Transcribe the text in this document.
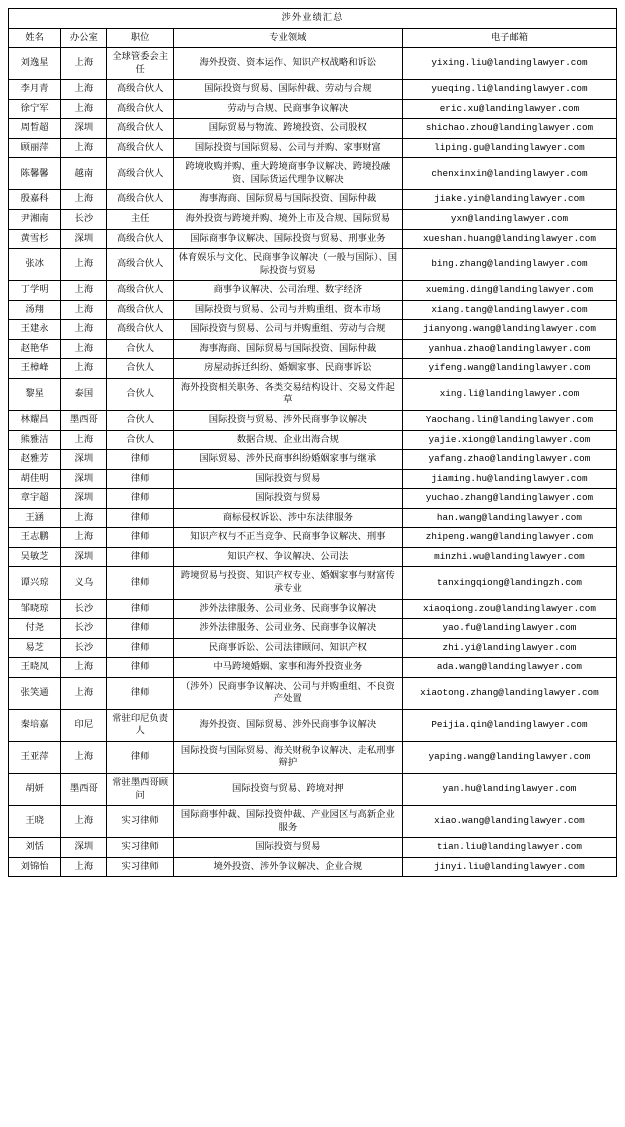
涉外业绩汇总				
姓名	办公室	职位	专业领域	电子邮箱
刘逸星	上海	全球管委会主任	海外投资、资本运作、知识产权战略和诉讼	yixing.liu@landinglawyer.com
李月青	上海	高级合伙人	国际投资与贸易、国际仲裁、劳动与合规	yueqing.li@landinglawyer.com
徐宁军	上海	高级合伙人	劳动与合规、民商事争议解决	eric.xu@landinglawyer.com
周晳超	深圳	高级合伙人	国际贸易与物流、跨境投资、公司股权	shichao.zhou@landinglawyer.com
顾丽萍	上海	高级合伙人	国际投资与国际贸易、公司与并购、家事财富	liping.gu@landinglawyer.com
陈馨馨	越南	高级合伙人	跨境收购并购、重大跨境商事争议解决、跨境投融资、国际货运代理争议解决	chenxinxin@landinglawyer.com
殷嘉科	上海	高级合伙人	海事海商、国际贸易与国际投资、国际仲裁	jiake.yin@landinglawyer.com
尹湘南	长沙	主任	海外投资与跨境并购、境外上市及合规、国际贸易	yxn@landinglawyer.com
黄雪杉	深圳	高级合伙人	国际商事争议解决、国际投资与贸易、刑事业务	xueshan.huang@landinglawyer.com
张冰	上海	高级合伙人	体育娱乐与文化、民商事争议解决（一般与国际）、国际投资与贸易	bing.zhang@landinglawyer.com
丁学明	上海	高级合伙人	商事争议解决、公司治理、数字经济	xueming.ding@landinglawyer.com
汤翔	上海	高级合伙人	国际投资与贸易、公司与并购重组、资本市场	xiang.tang@landinglawyer.com
王建永	上海	高级合伙人	国际投资与贸易、公司与并购重组、劳动与合规	jianyong.wang@landinglawyer.com
赵艳华	上海	合伙人	海事海商、国际贸易与国际投资、国际仲裁	yanhua.zhao@landinglawyer.com
王樟峰	上海	合伙人	房屋动拆迁纠纷、婚姻家事、民商事诉讼	yifeng.wang@landinglawyer.com
黎星	泰国	合伙人	海外投资相关职务、各类交易结构设计、交易文件起草	xing.li@landinglawyer.com
林耀昌	墨西哥	合伙人	国际投资与贸易、涉外民商事争议解决	Yaochang.lin@landinglawyer.com
熊雅洁	上海	合伙人	数据合规、企业出海合规	yajie.xiong@landinglawyer.com
赵雅芳	深圳	律师	国际贸易、涉外民商事纠纷婚姻家事与继承	yafang.zhao@landinglawyer.com
胡佳明	深圳	律师	国际投资与贸易	jiaming.hu@landinglawyer.com
章宇超	深圳	律师	国际投资与贸易	yuchao.zhang@landinglawyer.com
王涵	上海	律师	商标侵权诉讼、涉中东法律服务	han.wang@landinglawyer.com
王志鹏	上海	律师	知识产权与不正当竞争、民商事争议解决、刑事	zhipeng.wang@landinglawyer.com
吴敏芝	深圳	律师	知识产权、争议解决、公司法	minzhi.wu@landinglawyer.com
谭兴琼	义乌	律师	跨境贸易与投资、知识产权专业、婚姻家事与财富传承专业	tanxingqiong@landingzh.com
邹晓琼	长沙	律师	涉外法律服务、公司业务、民商事争议解决	xiaoqiong.zou@landinglawyer.com
付尧	长沙	律师	涉外法律服务、公司业务、民商事争议解决	yao.fu@landinglawyer.com
易芝	长沙	律师	民商事诉讼、公司法律顾问、知识产权	zhi.yi@landinglawyer.com
王晓凤	上海	律师	中马跨境婚姻、家事和海外投资业务	ada.wang@landinglawyer.com
张笑通	上海	律师	（涉外）民商事争议解决、公司与并购重组、不良资产处置	xiaotong.zhang@landinglawyer.com
秦培嘉	印尼	常驻印尼负责人	海外投资、国际贸易、涉外民商事争议解决	Peijia.qin@landinglawyer.com
王亚萍	上海	律师	国际投资与国际贸易、海关财税争议解决、走私刑事辩护	yaping.wang@landinglawyer.com
胡妍	墨西哥	常驻墨西哥顾问	国际投资与贸易、跨境对押	yan.hu@landinglawyer.com
王晓	上海	实习律师	国际商事仲裁、国际投资仲裁、产业园区与高新企业服务	xiao.wang@landinglawyer.com
刘恬	深圳	实习律师	国际投资与贸易	tian.liu@landinglawyer.com
刘锦怡	上海	实习律师	境外投资、涉外争议解决、企业合规	jinyi.liu@landinglawyer.com
